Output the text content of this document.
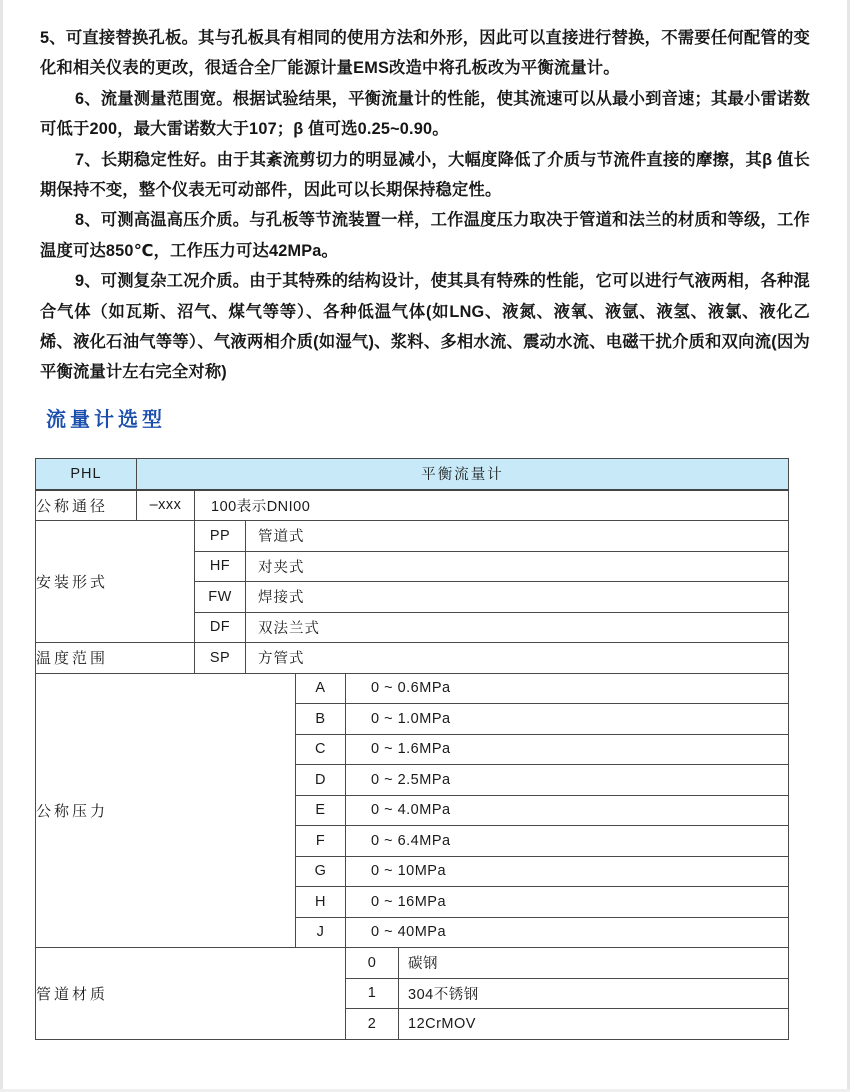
5、可直接替换孔板。其与孔板具有相同的使用方法和外形，因此可以直接进行替换，不需要任何配管的变化和相关仪表的更改，很适合全厂能源计量EMS改造中将孔板改为平衡流量计。

6、流量测量范围宽。根据试验结果，平衡流量计的性能，使其流速可以从最小到音速；其最小雷诺数可低于200，最大雷诺数大于107；β 值可选0.25~0.90。

7、长期稳定性好。由于其紊流剪切力的明显减小，大幅度降低了介质与节流件直接的摩擦，其β 值长期保持不变，整个仪表无可动部件，因此可以长期保持稳定性。

8、可测高温高压介质。与孔板等节流装置一样，工作温度压力取决于管道和法兰的材质和等级，工作温度可达850℃，工作压力可达42MPa。

9、可测复杂工况介质。由于其特殊的结构设计，使其具有特殊的性能，它可以进行气液两相，各种混合气体（如瓦斯、沼气、煤气等等）、各种低温气体(如LNG、液氮、液氧、液氩、液氢、液氯、液化乙烯、液化石油气等等）、气液两相介质(如湿气)、浆料、多相水流、震动水流、电磁干扰介质和双向流(因为平衡流量计左右完全对称)

流量计选型
PHL	平衡流量计					
公称通径	–xxx	100表示DNI00				
安装形式		PP	管道式			
		HF	对夹式			
		FW	焊接式			
		DF	双法兰式			
温度范围		SP	方管式			
公称压力				A	0 ~ 0.6MPa	
				B	0 ~ 1.0MPa	
				C	0 ~ 1.6MPa	
				D	0 ~ 2.5MPa	
				E	0 ~ 4.0MPa	
				F	0 ~ 6.4MPa	
				G	0 ~ 10MPa	
				H	0 ~ 16MPa	
				J	0 ~ 40MPa	
管道材质					0	碳钢
					1	304不锈钢
					2	12CrMOV
